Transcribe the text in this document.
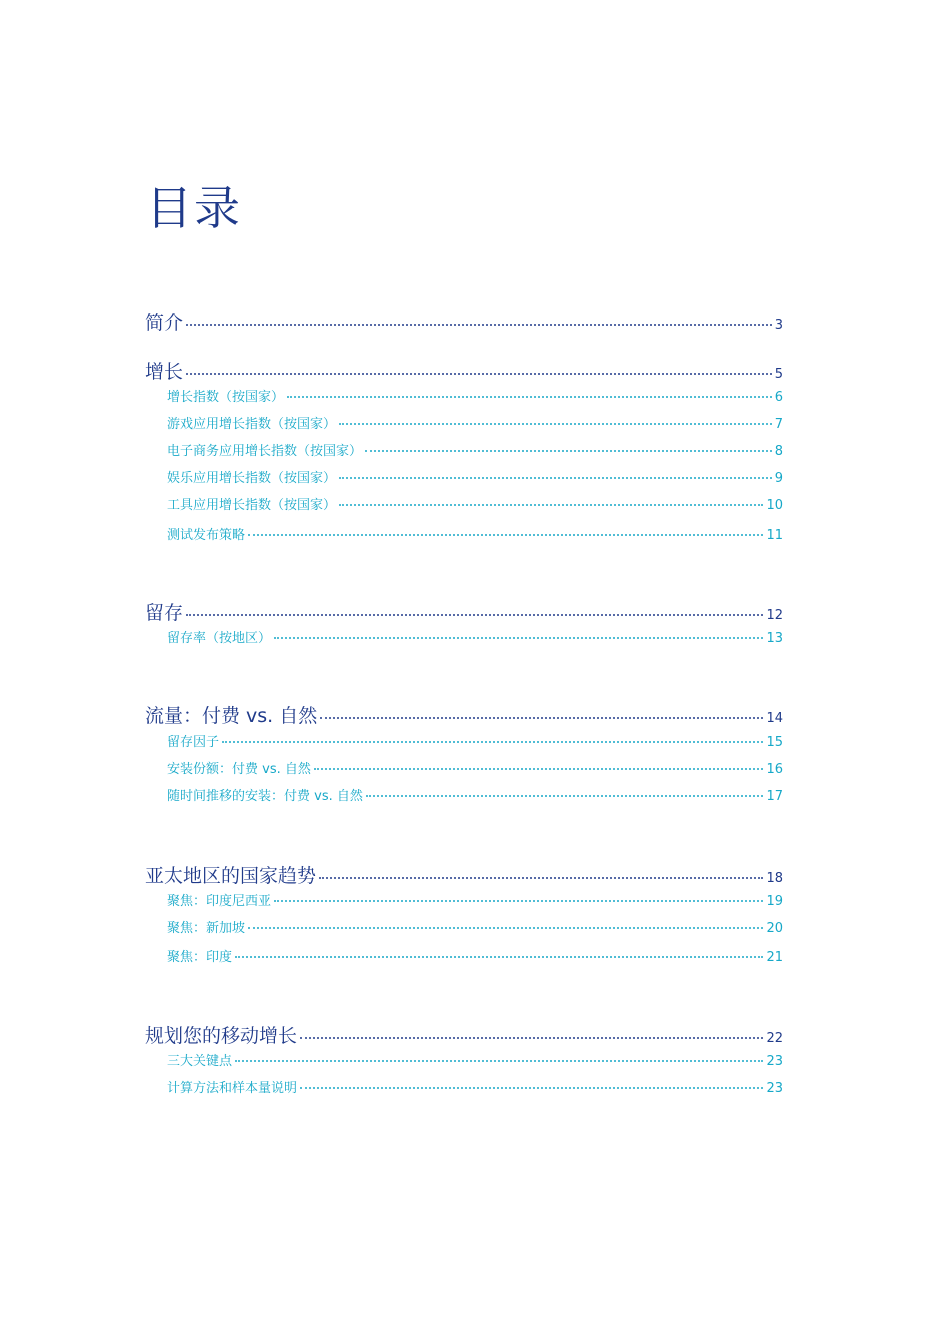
目录
简介	3
增长	5
增长指数（按国家）	6
游戏应用增长指数（按国家）	7
电子商务应用增长指数（按国家）	8
娱乐应用增长指数（按国家）	9
工具应用增长指数（按国家）	10
测试发布策略	11
留存	12
留存率（按地区）	13
流量：付费 vs. 自然	14
留存因子	15
安装份额：付费 vs. 自然	16
随时间推移的安装：付费 vs. 自然	17
亚太地区的国家趋势	18
聚焦：印度尼西亚	19
聚焦：新加坡	20
聚焦：印度	21
规划您的移动增长	22
三大关键点	23
计算方法和样本量说明	23
